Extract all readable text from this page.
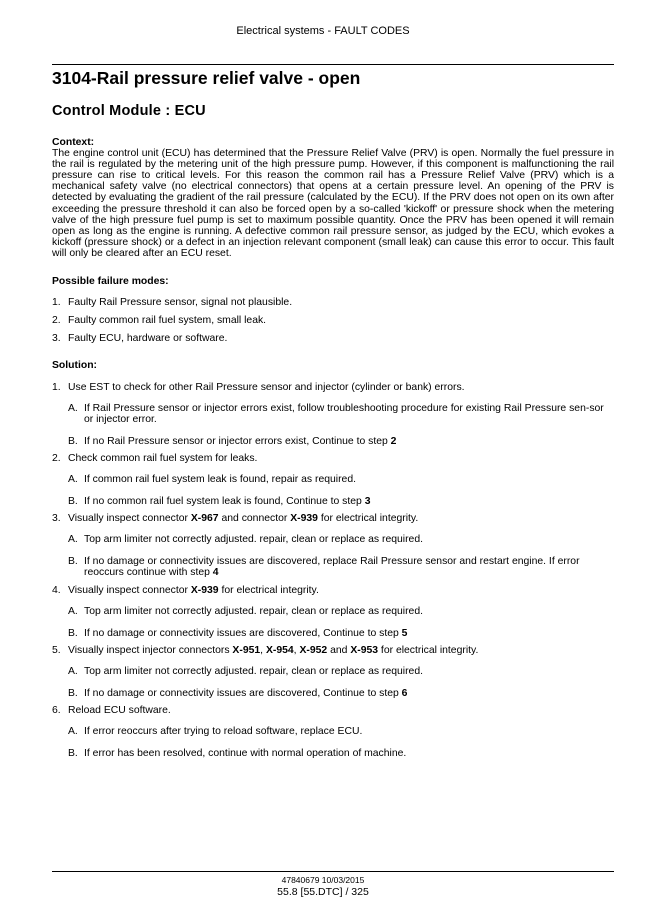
Electrical systems - FAULT CODES
3104-Rail pressure relief valve - open
Control Module : ECU
Context:

The engine control unit (ECU) has determined that the Pressure Relief Valve (PRV) is open. Normally the fuel pressure in the rail is regulated by the metering unit of the high pressure pump. However, if this component is malfunctioning the rail pressure can rise to critical levels. For this reason the common rail has a Pressure Relief Valve (PRV) which is a mechanical safety valve (no electrical connectors) that opens at a certain pressure level. An opening of the PRV is detected by evaluating the gradient of the rail pressure (calculated by the ECU). If the PRV does not open on its own after exceeding the pressure threshold it can also be forced open by a so-called 'kickoff' or pressure shock when the metering valve of the high pressure fuel pump is set to maximum possible quantity. Once the PRV has been opened it will remain open as long as the engine is running. A defective common rail pressure sensor, as judged by the ECU, which evokes a kickoff (pressure shock) or a defect in an injection relevant component (small leak) can cause this error to occur. This fault will only be cleared after an ECU reset.

Possible failure modes:
1. Faulty Rail Pressure sensor, signal not plausible.
2. Faulty common rail fuel system, small leak.
3. Faulty ECU, hardware or software.
Solution:
1. Use EST to check for other Rail Pressure sensor and injector (cylinder or bank) errors.
A. If Rail Pressure sensor or injector errors exist, follow troubleshooting procedure for existing Rail Pressure sen-sor or injector error.
B. If no Rail Pressure sensor or injector errors exist, Continue to step 2
2. Check common rail fuel system for leaks.
A. If common rail fuel system leak is found, repair as required.
B. If no common rail fuel system leak is found, Continue to step 3
3. Visually inspect connector X-967 and connector X-939 for electrical integrity.
A. Top arm limiter not correctly adjusted. repair, clean or replace as required.
B. If no damage or connectivity issues are discovered, replace Rail Pressure sensor and restart engine. If error reoccurs continue with step 4
4. Visually inspect connector X-939 for electrical integrity.
A. Top arm limiter not correctly adjusted. repair, clean or replace as required.
B. If no damage or connectivity issues are discovered, Continue to step 5
5. Visually inspect injector connectors X-951, X-954, X-952 and X-953 for electrical integrity.
A. Top arm limiter not correctly adjusted. repair, clean or replace as required.
B. If no damage or connectivity issues are discovered, Continue to step 6
6. Reload ECU software.
A. If error reoccurs after trying to reload software, replace ECU.
B. If error has been resolved, continue with normal operation of machine.
47840679 10/03/2015
55.8 [55.DTC] / 325
